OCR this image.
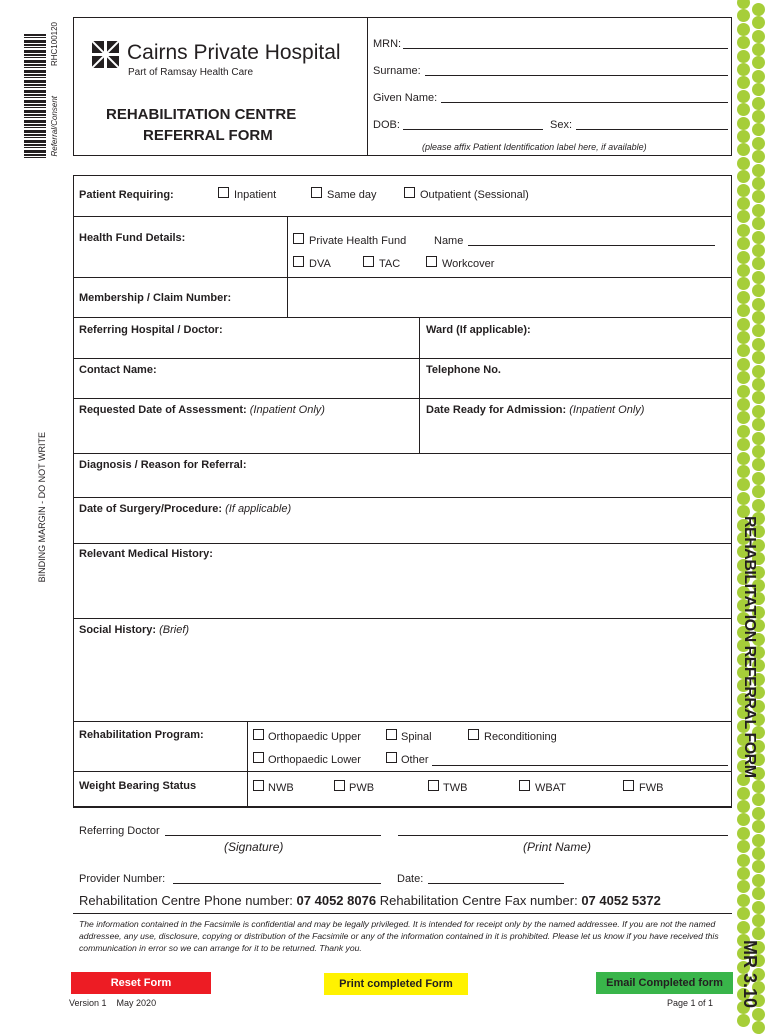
RHC100120
Referral/Consent
BINDING MARGIN - DO NOT WRITE
REHABILITATION REFERRAL FORM
MR 3.10
Cairns Private Hospital
Part of Ramsay Health Care
REHABILITATION CENTRE
REFERRAL FORM
MRN:
Surname:
Given Name:
DOB:	Sex:
(please affix Patient Identification label here, if available)
Patient Requiring:	Inpatient	Same day	Outpatient (Sessional)
Health Fund Details:	Private Health Fund	Name
DVA	TAC	Workcover
Membership / Claim Number:
Referring Hospital / Doctor:	Ward (If applicable):
Contact Name:	Telephone No.
Requested Date of Assessment: (Inpatient Only)	Date Ready for Admission: (Inpatient Only)
Diagnosis / Reason for Referral:
Date of Surgery/Procedure: (If applicable)
Relevant Medical History:
Social History: (Brief)
Rehabilitation Program:	Orthopaedic Upper	Spinal	Reconditioning
Orthopaedic Lower	Other
Weight Bearing Status	NWB	PWB	TWB	WBAT	FWB
Referring Doctor
(Signature)	(Print Name)
Provider Number:	Date:
Rehabilitation Centre Phone number: 07 4052 8076 Rehabilitation Centre Fax number: 07 4052 5372
The information contained in the Facsimile is confidential and may be legally privileged. It is intended for receipt only by the named addressee. If you are not the named addressee, any use, disclosure, copying or distribution of the Facsimile or any of the information contained in it is prohibited. Please let us know if you have received this communication in error so we can arrange for it to be returned. Thank you.
Reset Form	Print completed Form	Email Completed form
Version 1 May 2020	Page 1 of 1
